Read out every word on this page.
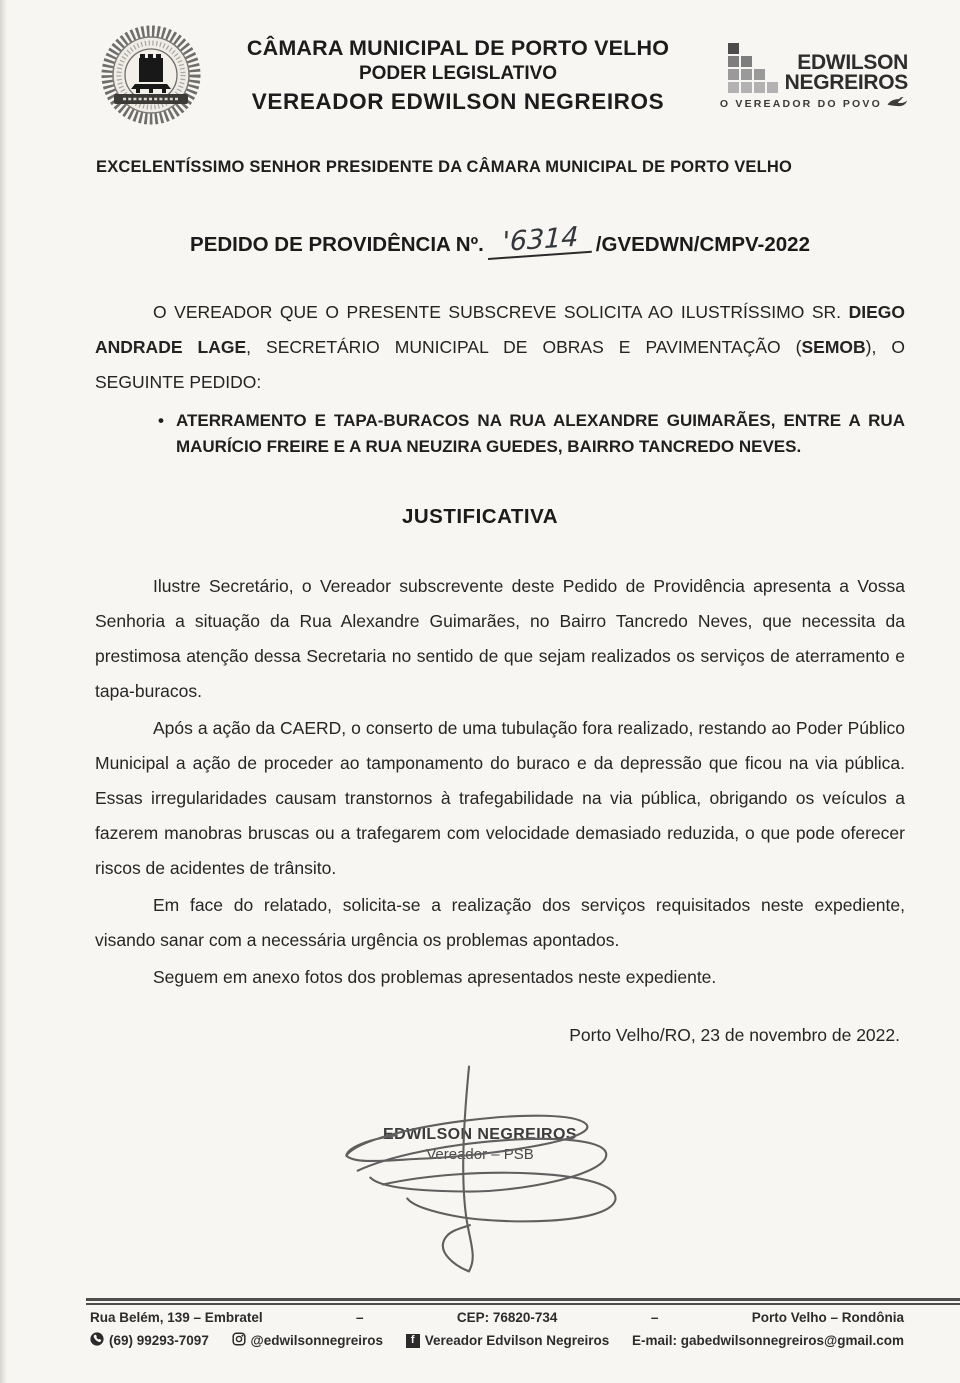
CÂMARA MUNICIPAL DE PORTO VELHO
PODER LEGISLATIVO
VEREADOR EDWILSON NEGREIROS
EDWILSON
NEGREIROS
O VEREADOR DO POVO
EXCELENTÍSSIMO SENHOR PRESIDENTE DA CÂMARA MUNICIPAL DE PORTO VELHO
PEDIDO DE PROVIDÊNCIA Nº. '6314 /GVEDWN/CMPV-2022
O VEREADOR QUE O PRESENTE SUBSCREVE SOLICITA AO ILUSTRÍSSIMO SR. DIEGO ANDRADE LAGE, SECRETÁRIO MUNICIPAL DE OBRAS E PAVIMENTAÇÃO (SEMOB), O SEGUINTE PEDIDO:
• ATERRAMENTO E TAPA-BURACOS NA RUA ALEXANDRE GUIMARÃES, ENTRE A RUA MAURÍCIO FREIRE E A RUA NEUZIRA GUEDES, BAIRRO TANCREDO NEVES.
JUSTIFICATIVA

Ilustre Secretário, o Vereador subscrevente deste Pedido de Providência apresenta a Vossa Senhoria a situação da Rua Alexandre Guimarães, no Bairro Tancredo Neves, que necessita da prestimosa atenção dessa Secretaria no sentido de que sejam realizados os serviços de aterramento e tapa-buracos.

Após a ação da CAERD, o conserto de uma tubulação fora realizado, restando ao Poder Público Municipal a ação de proceder ao tamponamento do buraco e da depressão que ficou na via pública. Essas irregularidades causam transtornos à trafegabilidade na via pública, obrigando os veículos a fazerem manobras bruscas ou a trafegarem com velocidade demasiado reduzida, o que pode oferecer riscos de acidentes de trânsito.

Em face do relatado, solicita-se a realização dos serviços requisitados neste expediente, visando sanar com a necessária urgência os problemas apontados.

Seguem em anexo fotos dos problemas apresentados neste expediente.

Porto Velho/RO, 23 de novembro de 2022.
EDWILSON NEGREIROS
Vereador – PSB
Rua Belém, 139 – Embratel	–	CEP: 76820-734	–	Porto Velho – Rondônia
(69) 99293-7097	@edwilsonnegreiros	f Vereador Edvilson Negreiros E-mail: gabedwilsonnegreiros@gmail.com
